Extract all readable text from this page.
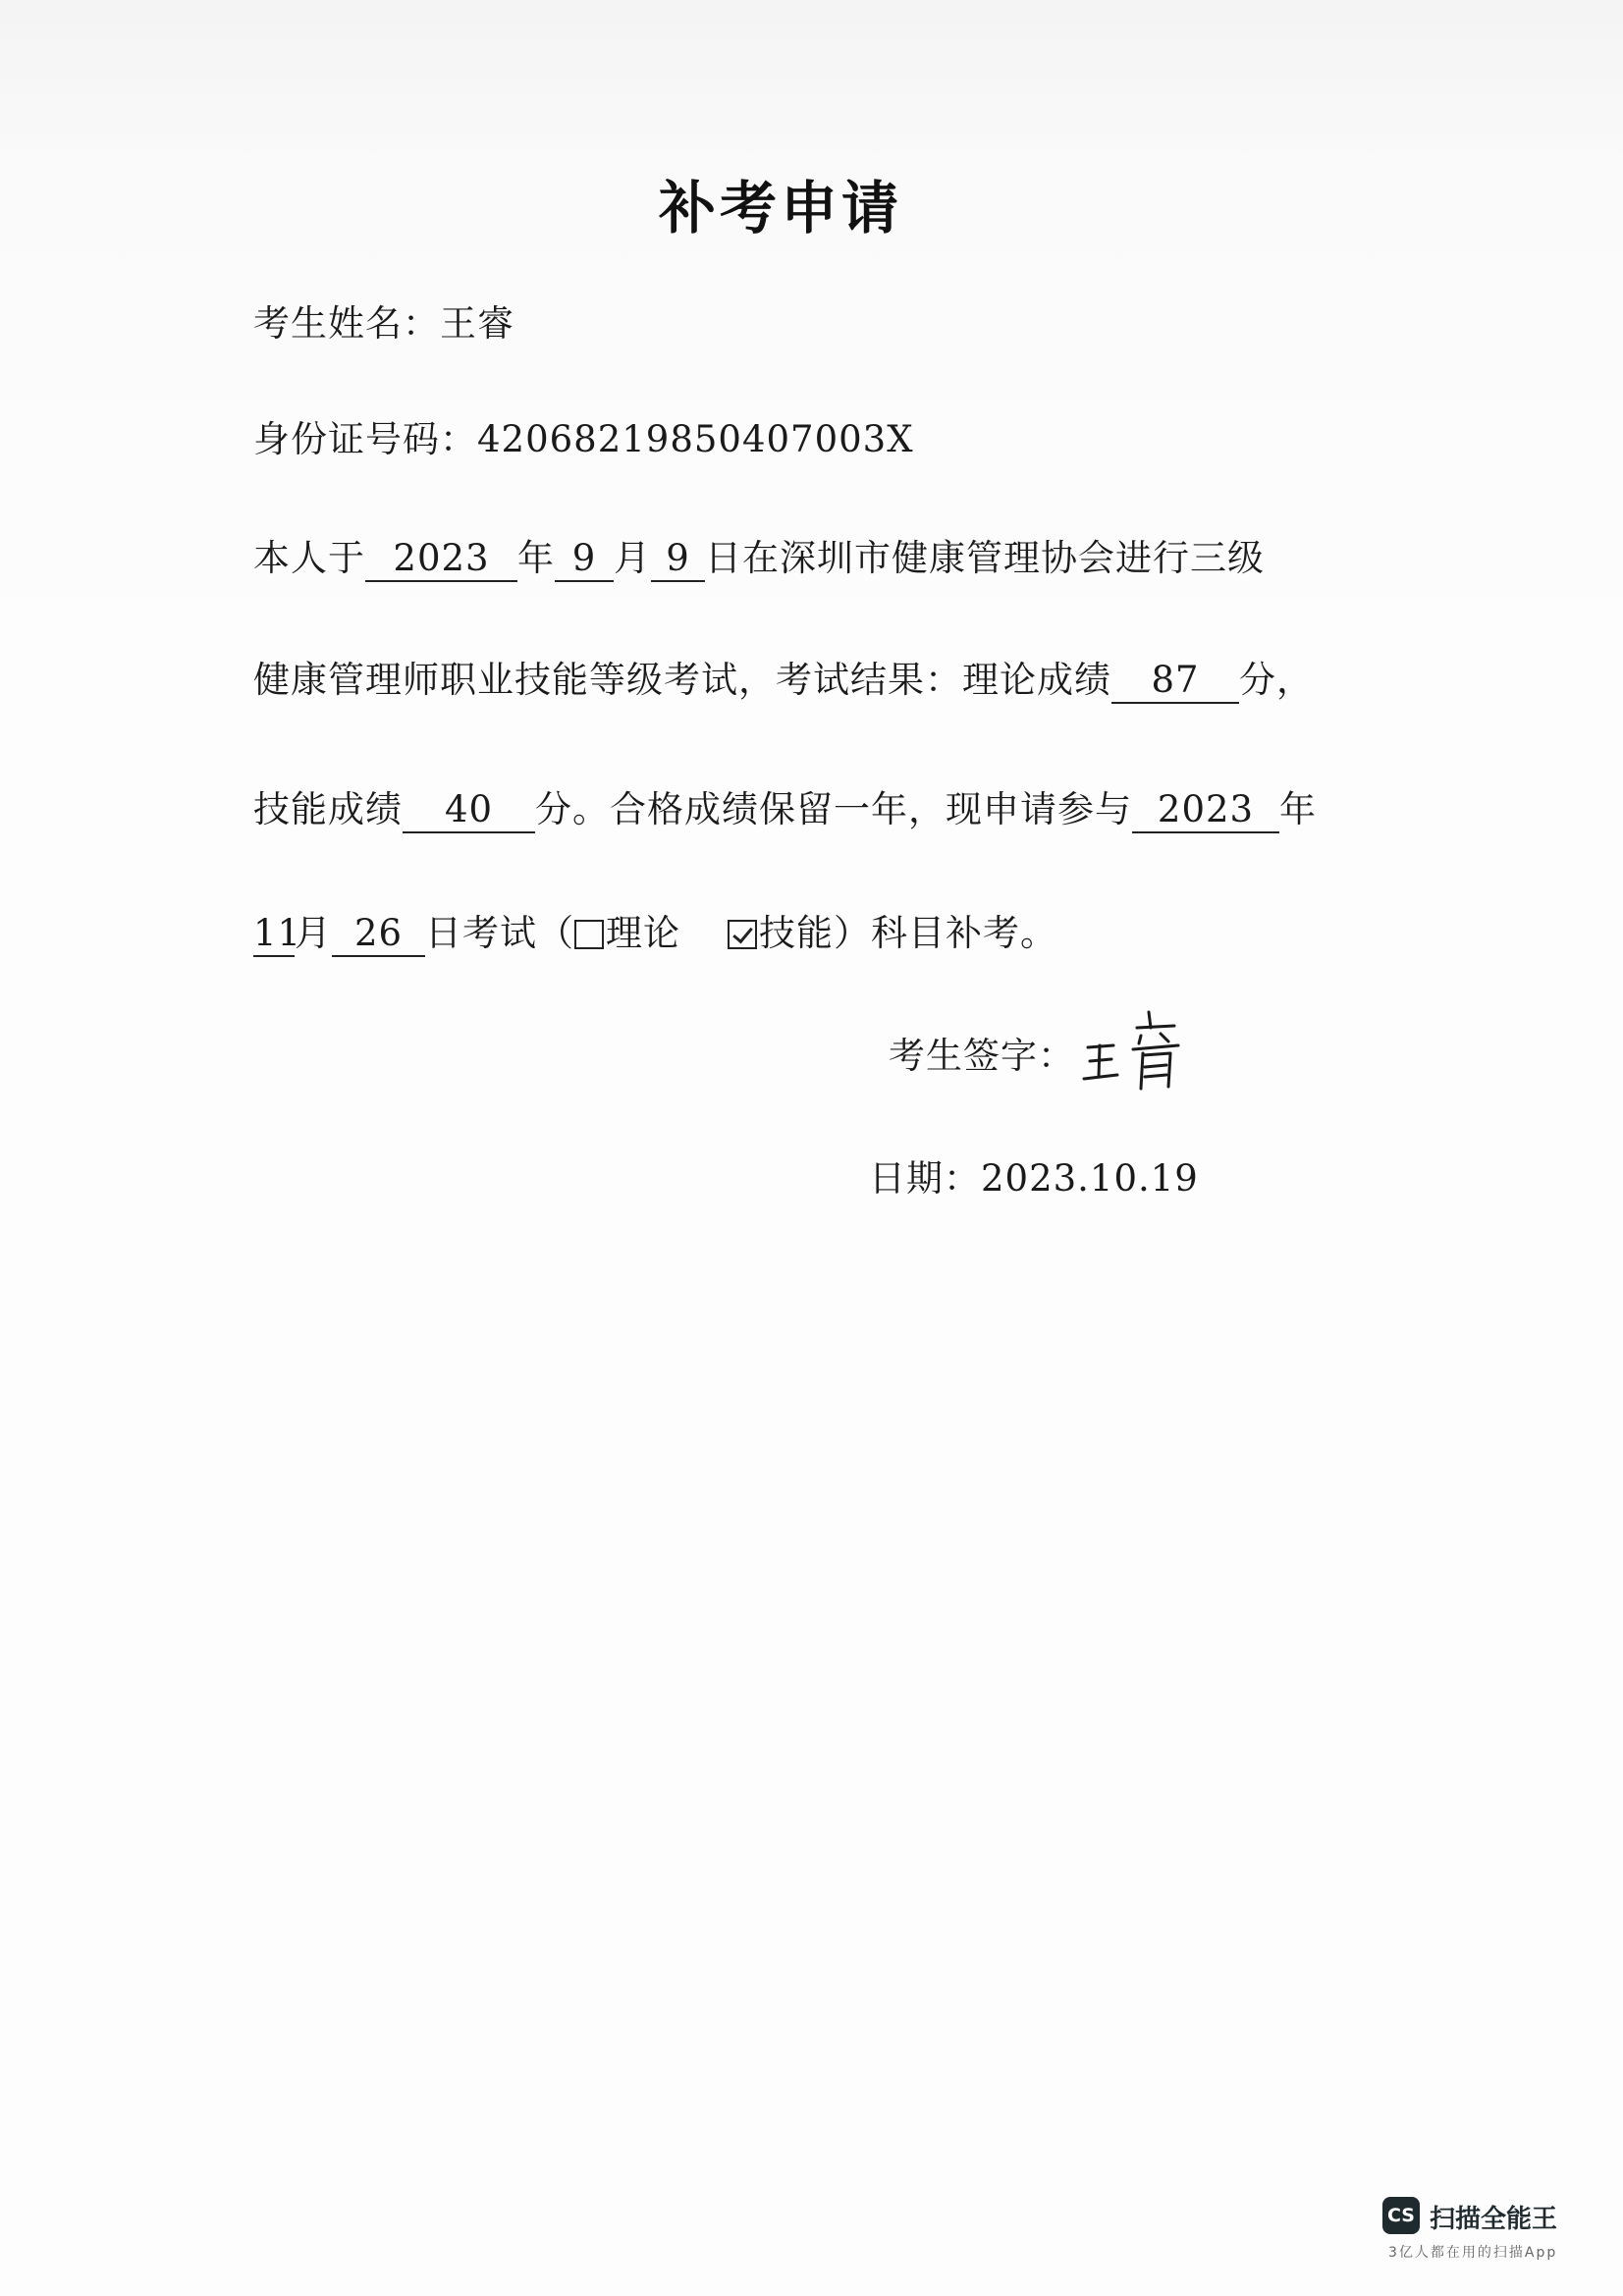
补考申请
考生姓名：王睿
身份证号码：42068219850407003X
本人于 2023 年 9 月 9 日在深圳市健康管理协会进行三级
健康管理师职业技能等级考试，考试结果：理论成绩 87 分，
技能成绩 40 分。合格成绩保留一年，现申请参与 2023 年
11月 26 日考试（ 理论 技能）科目补考。
考生签字：
日期：2023.10.19
CS 扫描全能王
3亿人都在用的扫描App
